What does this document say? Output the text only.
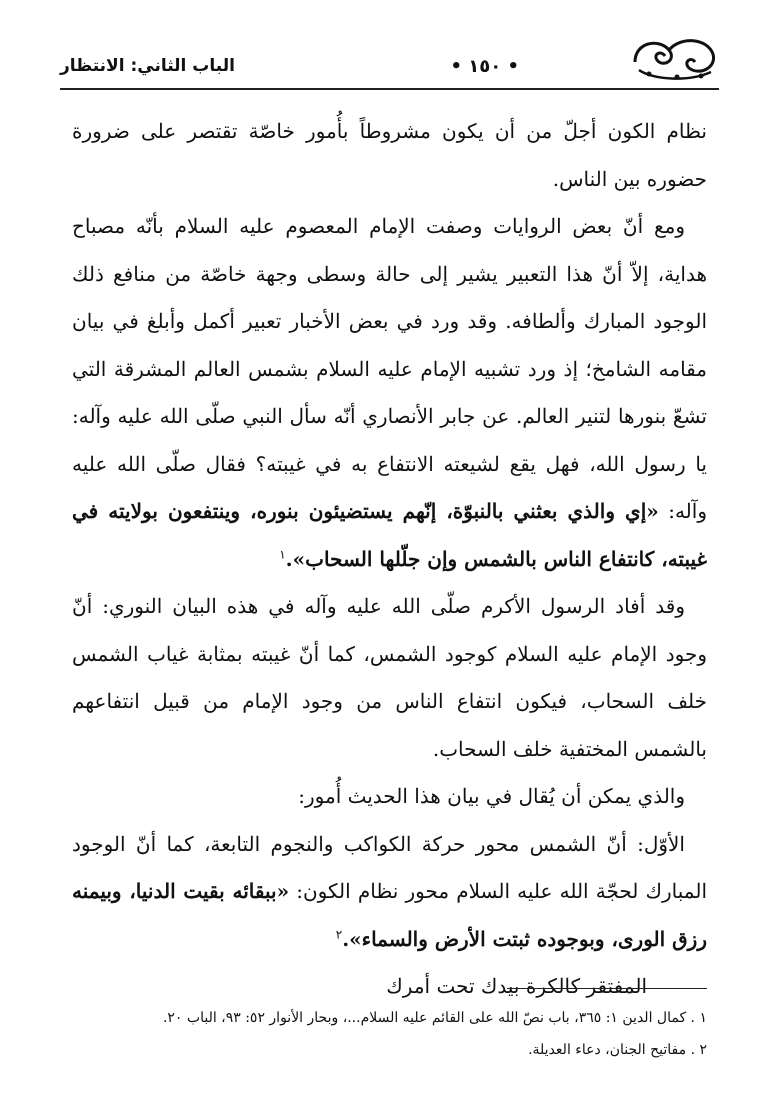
• ١٥٠ •
الباب الثاني: الانتظار

نظام الكون أجلّ من أن يكون مشروطاً بأُمور خاصّة تقتصر على ضرورة حضوره بين الناس.

ومع أنّ بعض الروايات وصفت الإمام المعصوم عليه السلام بأنّه مصباح هداية، إلاّ أنّ هذا التعبير يشير إلى حالة وسطى وجهة خاصّة من منافع ذلك الوجود المبارك وألطافه. وقد ورد في بعض الأخبار تعبير أكمل وأبلغ في بيان مقامه الشامخ؛ إذ ورد تشبيه الإمام عليه السلام بشمس العالم المشرقة التي تشعّ بنورها لتنير العالم. عن جابر الأنصاري أنّه سأل النبي صلّى الله عليه وآله: يا رسول الله، فهل يقع لشيعته الانتفاع به في غيبته؟ فقال صلّى الله عليه وآله: «إي والذي بعثني بالنبوّة، إنّهم يستضيئون بنوره، وينتفعون بولايته في غيبته، كانتفاع الناس بالشمس وإن جلّلها السحاب».$^١$

وقد أفاد الرسول الأكرم صلّى الله عليه وآله في هذه البيان النوري: أنّ وجود الإمام عليه السلام كوجود الشمس، كما أنّ غيبته بمثابة غياب الشمس خلف السحاب، فيكون انتفاع الناس من وجود الإمام من قبيل انتفاعهم بالشمس المختفية خلف السحاب.

والذي يمكن أن يُقال في بيان هذا الحديث أُمور:

الأوّل: أنّ الشمس محور حركة الكواكب والنجوم التابعة، كما أنّ الوجود المبارك لحجّة الله عليه السلام محور نظام الكون: «ببقائه بقيت الدنيا، وبيمنه رزق الورى، وبوجوده ثبتت الأرض والسماء».$^٢$

المفتقر كالكرة بيدك تحت أمرك

١ . كمال الدين ١: ٣٦٥، باب نصّ الله على القائم عليه السلام...، وبحار الأنوار ٥٢: ٩٣، الباب ٢٠.
٢ . مفاتيح الجنان، دعاء العديلة.
